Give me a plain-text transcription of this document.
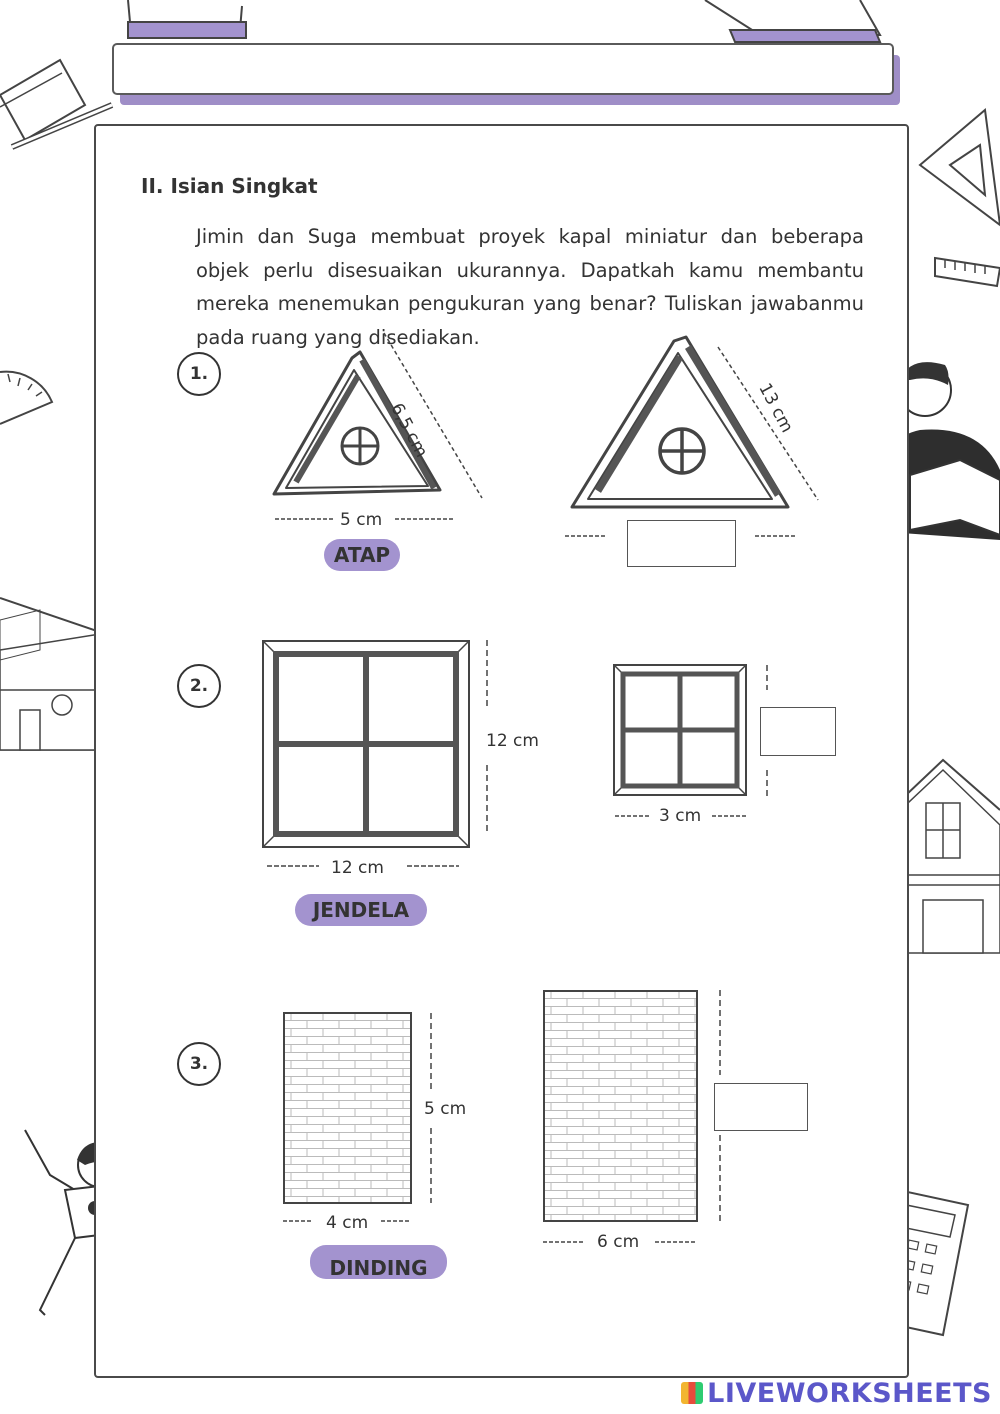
II. Isian Singkat
Jimin dan Suga membuat proyek kapal miniatur dan beberapa objek perlu disesuaikan ukurannya. Dapatkah kamu membantu mereka menemukan pengukuran yang benar? Tuliskan jawabanmu pada ruang yang disediakan.
1.
6,5 cm
5 cm
ATAP
13 cm
2.
12 cm
12 cm
JENDELA
3 cm
3.
5 cm
4 cm
DINDING
6 cm
LIVEWORKSHEETS
